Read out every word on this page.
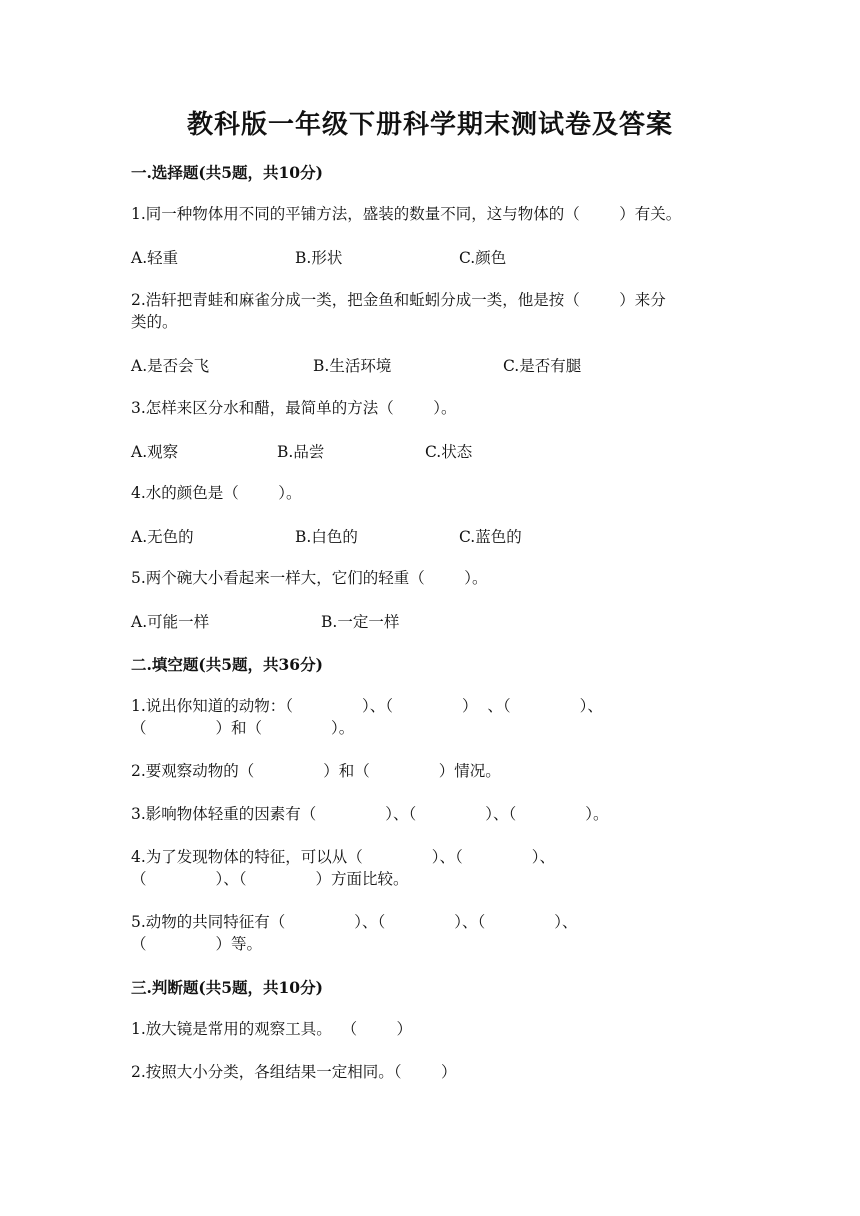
教科版一年级下册科学期末测试卷及答案
一.选择题(共5题，共10分)
1.同一种物体用不同的平铺方法，盛装的数量不同，这与物体的（        ）有关。
A.轻重	B.形状	C.颜色
2.浩轩把青蛙和麻雀分成一类，把金鱼和蚯蚓分成一类，他是按（        ）来分
类的。
A.是否会飞	B.生活环境	C.是否有腿
3.怎样来区分水和醋，最简单的方法（        ）。
A.观察	B.品尝	C.状态
4.水的颜色是（        ）。
A.无色的	B.白色的	C.蓝色的
5.两个碗大小看起来一样大，它们的轻重（        ）。
A.可能一样	B.一定一样
二.填空题(共5题，共36分)
1.说出你知道的动物：（              ）、（              ）  、（              ）、
（              ）和（              ）。
2.要观察动物的（              ）和（              ）情况。
3.影响物体轻重的因素有（              ）、（              ）、（              ）。
4.为了发现物体的特征，可以从（              ）、（              ）、
（              ）、（              ）方面比较。
5.动物的共同特征有（              ）、（              ）、（              ）、
（              ）等。
三.判断题(共5题，共10分)
1.放大镜是常用的观察工具。  （        ）
2.按照大小分类，各组结果一定相同。（        ）
